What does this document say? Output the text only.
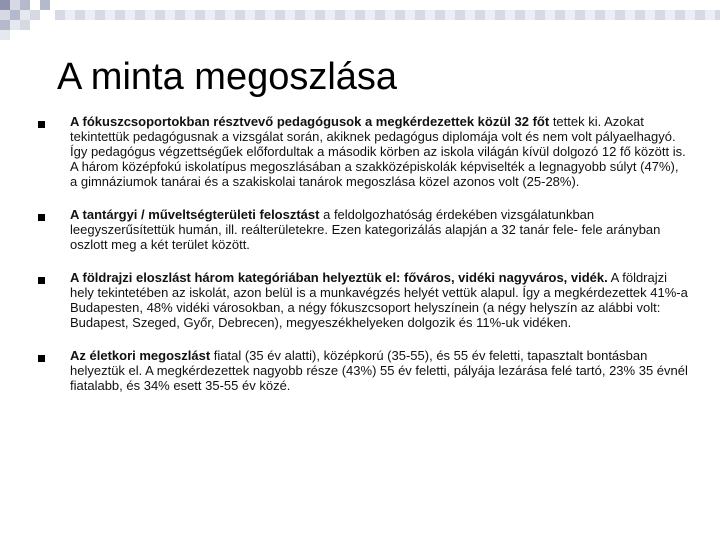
A minta megoszlása

A fókuszcsoportokban résztvevő pedagógusok a megkérdezettek közül 32 főt tettek ki. Azokat tekintettük pedagógusnak a vizsgálat során, akiknek pedagógus diplomája volt és nem volt pályaelhagyó. Így pedagógus végzettségűek előfordultak a második körben az iskola világán kívül dolgozó 12 fő között is. A három középfokú iskolatípus megoszlásában a szakközépiskolák képviselték a legnagyobb súlyt (47%), a gimnáziumok tanárai és a szakiskolai tanárok megoszlása közel azonos volt (25-28%).

A tantárgyi / műveltségterületi felosztást a feldolgozhatóság érdekében vizsgálatunkban leegyszerűsítettük humán, ill. reálterületekre. Ezen kategorizálás alapján a 32 tanár fele- fele arányban oszlott meg a két terület között.

A földrajzi eloszlást három kategóriában helyeztük el: főváros, vidéki nagyváros, vidék. A földrajzi hely tekintetében az iskolát, azon belül is a munkavégzés helyét vettük alapul. Így a megkérdezettek 41%-a Budapesten, 48% vidéki városokban, a négy fókuszcsoport helyszínein (a négy helyszín az alábbi volt: Budapest, Szeged, Győr, Debrecen), megyeszékhelyeken dolgozik és 11%-uk vidéken.

Az életkori megoszlást fiatal (35 év alatti), középkorú (35-55), és 55 év feletti, tapasztalt bontásban helyeztük el. A megkérdezettek nagyobb része (43%) 55 év feletti, pályája lezárása felé tartó, 23% 35 évnél fiatalabb, és 34% esett 35-55 év közé.
